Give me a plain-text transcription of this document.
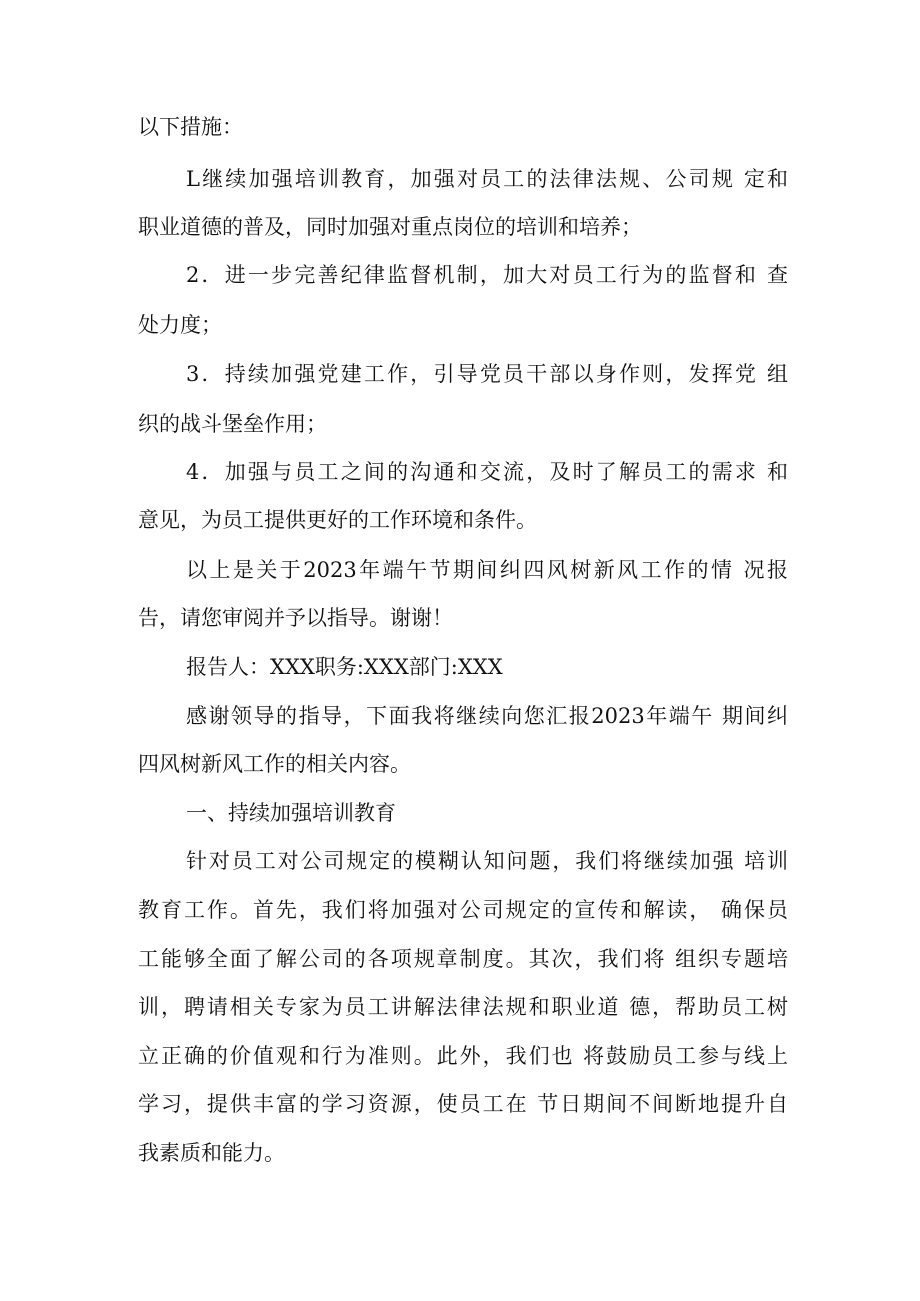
以下措施：
L继续加强培训教育，加强对员工的法律法规、公司规 定和
职业道德的普及，同时加强对重点岗位的培训和培养；
2．进一步完善纪律监督机制，加大对员工行为的监督和 查
处力度；
3．持续加强党建工作，引导党员干部以身作则，发挥党 组
织的战斗堡垒作用；
4．加强与员工之间的沟通和交流，及时了解员工的需求 和
意见，为员工提供更好的工作环境和条件。
以上是关于2023年端午节期间纠四风树新风工作的情 况报
告，请您审阅并予以指导。谢谢！
报告人：XXX职务:XXX部门:XXX
感谢领导的指导，下面我将继续向您汇报2023年端午 期间纠
四风树新风工作的相关内容。
一、持续加强培训教育
针对员工对公司规定的模糊认知问题，我们将继续加强 培训
教育工作。首先，我们将加强对公司规定的宣传和解读， 确保员
工能够全面了解公司的各项规章制度。其次，我们将 组织专题培
训，聘请相关专家为员工讲解法律法规和职业道 德，帮助员工树
立正确的价值观和行为准则。此外，我们也 将鼓励员工参与线上
学习，提供丰富的学习资源，使员工在 节日期间不间断地提升自
我素质和能力。
